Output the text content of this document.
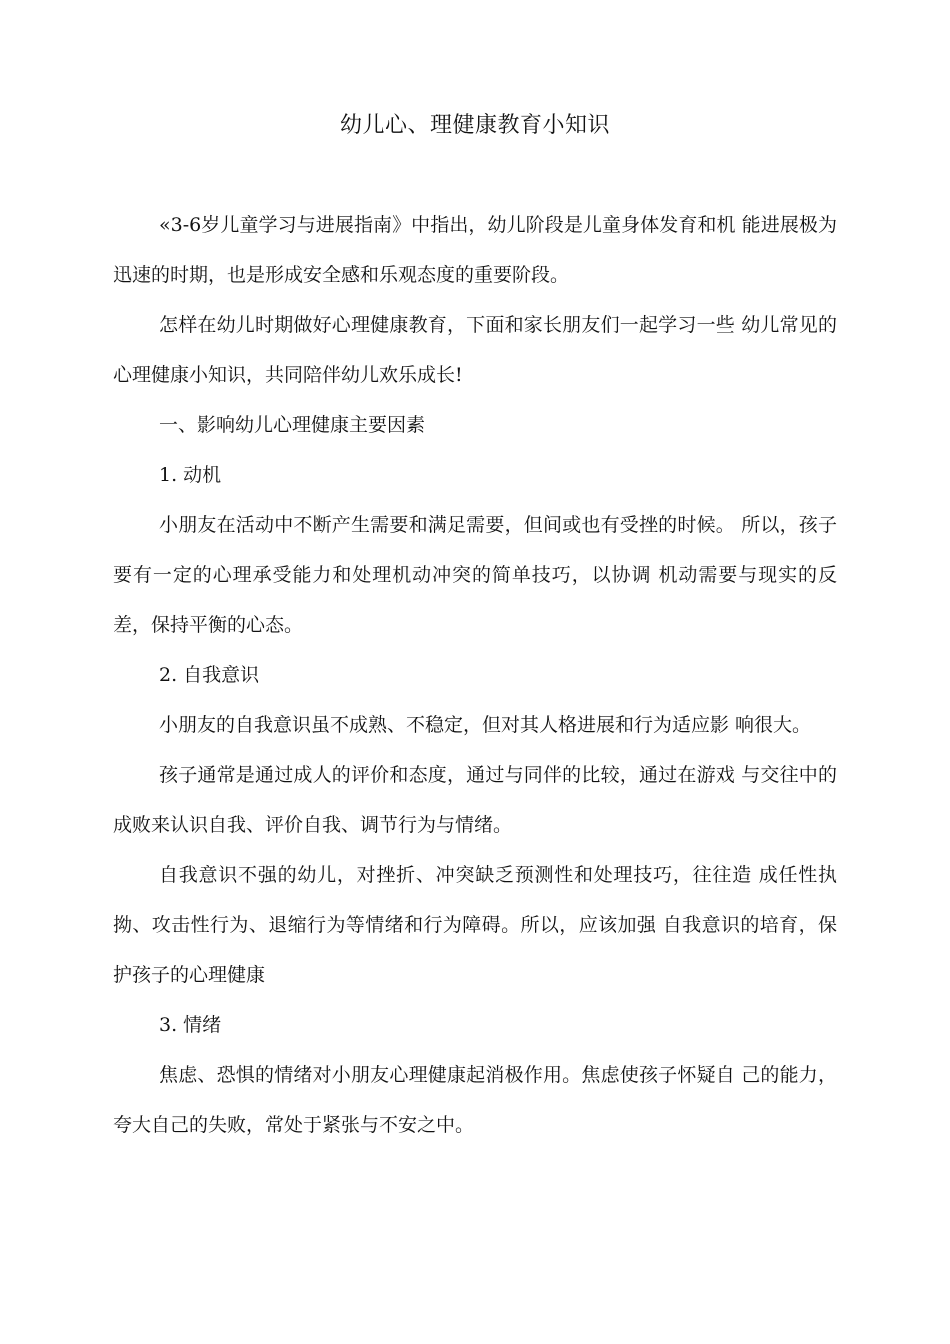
幼儿心、理健康教育小知识

«3-6岁儿童学习与进展指南》中指出，幼儿阶段是儿童身体发育和机 能进展极为迅速的时期，也是形成安全感和乐观态度的重要阶段。

怎样在幼儿时期做好心理健康教育，下面和家长朋友们一起学习一些 幼儿常见的心理健康小知识，共同陪伴幼儿欢乐成长!

一、影响幼儿心理健康主要因素

1. 动机

小朋友在活动中不断产生需要和满足需要，但间或也有受挫的时候。 所以，孩子要有一定的心理承受能力和处理机动冲突的简单技巧，以协调 机动需要与现实的反差，保持平衡的心态。

2. 自我意识

小朋友的自我意识虽不成熟、不稳定，但对其人格进展和行为适应影 响很大。

孩子通常是通过成人的评价和态度，通过与同伴的比较，通过在游戏 与交往中的成败来认识自我、评价自我、调节行为与情绪。

自我意识不强的幼儿，对挫折、冲突缺乏预测性和处理技巧，往往造 成任性执拗、攻击性行为、退缩行为等情绪和行为障碍。所以，应该加强 自我意识的培育，保护孩子的心理健康

3. 情绪

焦虑、恐惧的情绪对小朋友心理健康起消极作用。焦虑使孩子怀疑自 己的能力，夸大自己的失败，常处于紧张与不安之中。
